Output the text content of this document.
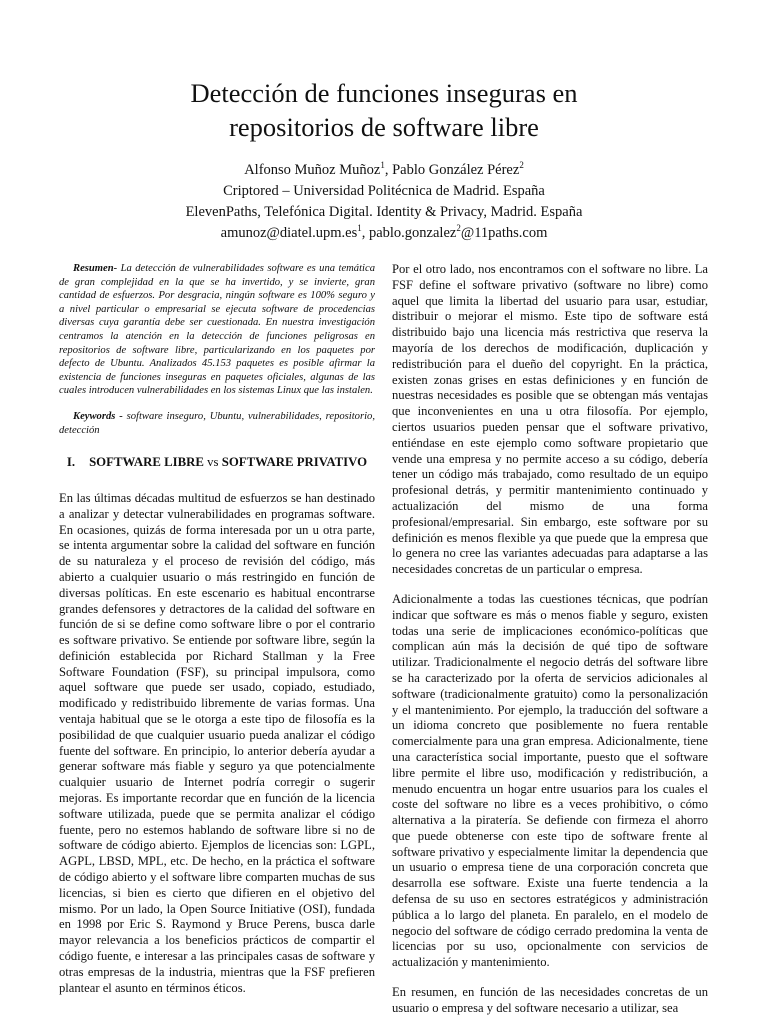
Detección de funciones inseguras en
repositorios de software libre
Alfonso Muñoz Muñoz$^1$, Pablo González Pérez$^2$
Criptored – Universidad Politécnica de Madrid. España
ElevenPaths, Telefónica Digital. Identity & Privacy, Madrid. España
$amunoz@diatel.upm.es^1$, pablo.gonzalez$^2$@11paths.com

Resumen- La detección de vulnerabilidades software es una temática de gran complejidad en la que se ha invertido, y se invierte, gran cantidad de esfuerzos. Por desgracia, ningún software es 100% seguro y a nivel particular o empresarial se ejecuta software de procedencias diversas cuya garantía debe ser cuestionada. En nuestra investigación centramos la atención en la detección de funciones peligrosas en repositorios de software libre, particularizando en los paquetes por defecto de Ubuntu. Analizados 45.153 paquetes es posible afirmar la existencia de funciones inseguras en paquetes oficiales, algunas de las cuales introducen vulnerabilidades en los sistemas Linux que las instalen.

Keywords - software inseguro, Ubuntu, vulnerabilidades, repositorio, detección

I. SOFTWARE LIBRE vs SOFTWARE PRIVATIVO

En las últimas décadas multitud de esfuerzos se han destinado a analizar y detectar vulnerabilidades en programas software. En ocasiones, quizás de forma interesada por un u otra parte, se intenta argumentar sobre la calidad del software en función de su naturaleza y el proceso de revisión del código, más abierto a cualquier usuario o más restringido en función de diversas políticas. En este escenario es habitual encontrarse grandes defensores y detractores de la calidad del software en función de si se define como software libre o por el contrario es software privativo. Se entiende por software libre, según la definición establecida por Richard Stallman y la Free Software Foundation (FSF), su principal impulsora, como aquel software que puede ser usado, copiado, estudiado, modificado y redistribuido libremente de varias formas. Una ventaja habitual que se le otorga a este tipo de filosofía es la posibilidad de que cualquier usuario pueda analizar el código fuente del software. En principio, lo anterior debería ayudar a generar software más fiable y seguro ya que potencialmente cualquier usuario de Internet podría corregir o sugerir mejoras. Es importante recordar que en función de la licencia software utilizada, puede que se permita analizar el código fuente, pero no estemos hablando de software libre si no de software de código abierto. Ejemplos de licencias son: LGPL, AGPL, LBSD, MPL, etc. De hecho, en la práctica el software de código abierto y el software libre comparten muchas de sus licencias, si bien es cierto que difieren en el objetivo del mismo. Por un lado, la Open Source Initiative (OSI), fundada en 1998 por Eric S. Raymond y Bruce Perens, busca darle mayor relevancia a los beneficios prácticos de compartir el código fuente, e interesar a las principales casas de software y otras empresas de la industria, mientras que la FSF prefieren plantear el asunto en términos éticos.

Por el otro lado, nos encontramos con el software no libre. La FSF define el software privativo (software no libre) como aquel que limita la libertad del usuario para usar, estudiar, distribuir o mejorar el mismo. Este tipo de software está distribuido bajo una licencia más restrictiva que reserva la mayoría de los derechos de modificación, duplicación y redistribución para el dueño del copyright. En la práctica, existen zonas grises en estas definiciones y en función de nuestras necesidades es posible que se obtengan más ventajas que inconvenientes en una u otra filosofía. Por ejemplo, ciertos usuarios pueden pensar que el software privativo, entiéndase en este ejemplo como software propietario que vende una empresa y no permite acceso a su código, debería tener un código más trabajado, como resultado de un equipo profesional detrás, y permitir mantenimiento continuado y actualización del mismo de una forma profesional/empresarial. Sin embargo, este software por su definición es menos flexible ya que puede que la empresa que lo genera no cree las variantes adecuadas para adaptarse a las necesidades concretas de un particular o empresa.

Adicionalmente a todas las cuestiones técnicas, que podrían indicar que software es más o menos fiable y seguro, existen todas una serie de implicaciones económico-políticas que complican aún más la decisión de qué tipo de software utilizar. Tradicionalmente el negocio detrás del software libre se ha caracterizado por la oferta de servicios adicionales al software (tradicionalmente gratuito) como la personalización y el mantenimiento. Por ejemplo, la traducción del software a un idioma concreto que posiblemente no fuera rentable comercialmente para una gran empresa. Adicionalmente, tiene una característica social importante, puesto que el software libre permite el libre uso, modificación y redistribución, a menudo encuentra un hogar entre usuarios para los cuales el coste del software no libre es a veces prohibitivo, o cómo alternativa a la piratería. Se defiende con firmeza el ahorro que puede obtenerse con este tipo de software frente al software privativo y especialmente limitar la dependencia que un usuario o empresa tiene de una corporación concreta que desarrolla ese software. Existe una fuerte tendencia a la defensa de su uso en sectores estratégicos y administración pública a lo largo del planeta. En paralelo, en el modelo de negocio del software de código cerrado predomina la venta de licencias por su uso, opcionalmente con servicios de actualización y mantenimiento.

En resumen, en función de las necesidades concretas de un usuario o empresa y del software necesario a utilizar, sea
